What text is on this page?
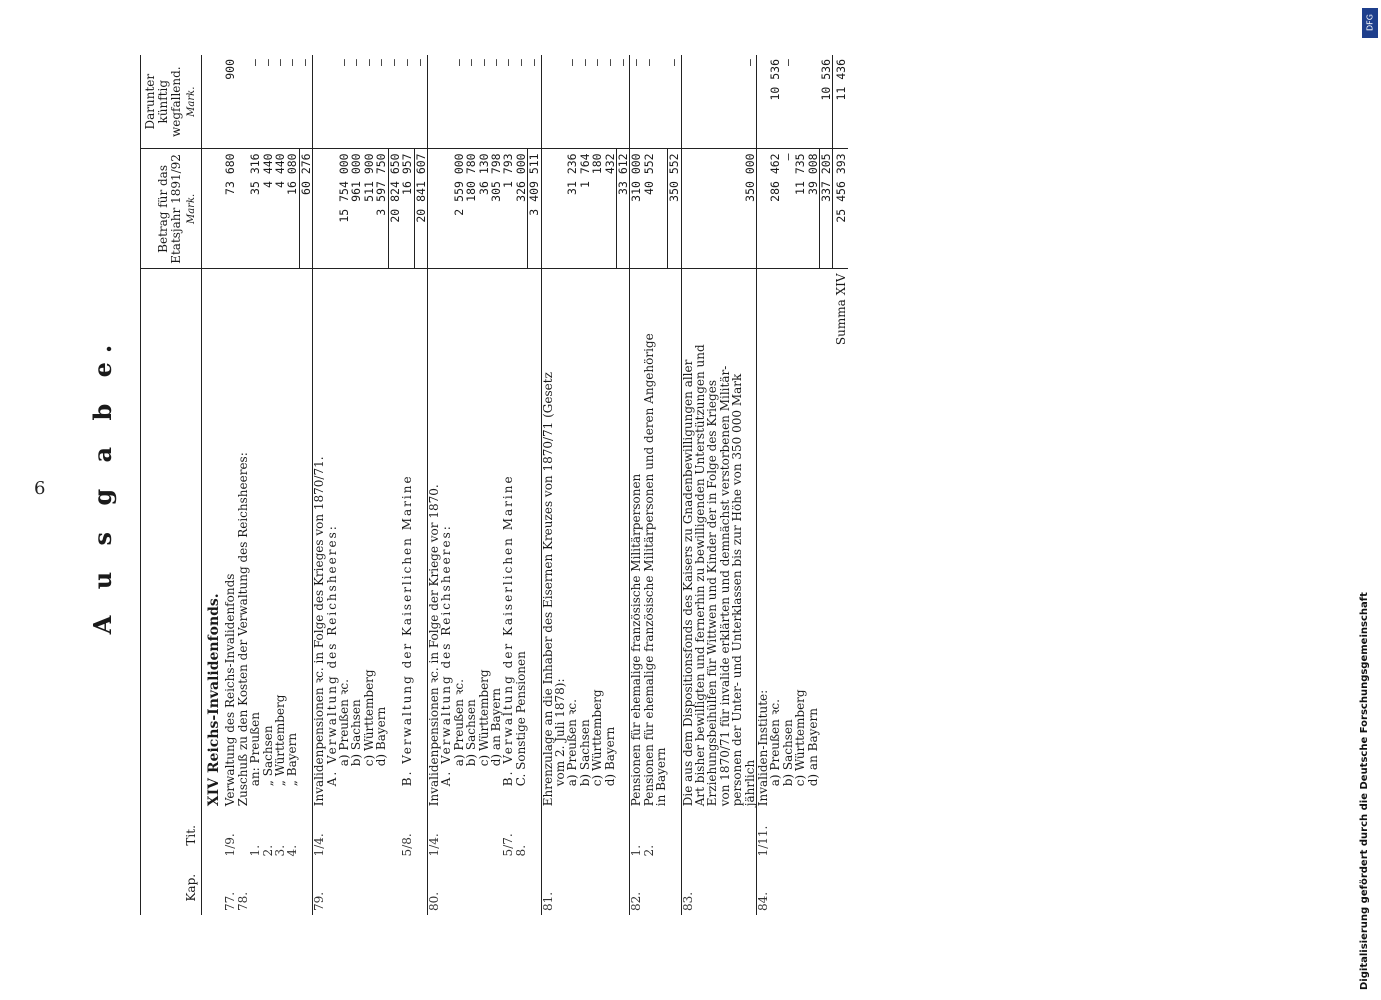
6
DFG
Digitalisierung gefördert durch die Deutsche Forschungsgemeinschaft
A u s g a b e.
Kap.	Tit.		Betrag für das Etatsjahr 1891/92 Mark.	Darunter künftig wegfallend. Mark.

		XIV Reichs-Invalidenfonds.		
77.	1/9.	Verwaltung des Reichs-Invalidenfonds	73 680	900
78.		Zuschuß zu den Kosten der Verwaltung des Reichsheeres:		
	1.	an: Preußen	35 316	—
	2.	„ Sachsen	4 440	—
	3.	„ Württemberg	4 440	—
	4.	„ Bayern	16 080	—
			60 276	—
79.	1/4.	Invalidenpensionen ꝛc. in Folge des Krieges von 1870/71.		
		A. Verwaltung des Reichsheeres:		
		a) Preußen ꝛc.	15 754 000	—
		b) Sachsen	961 000	—
		c) Württemberg	511 900	—
		d) Bayern	3 597 750	—
			20 824 650	—
	5/8.	B. Verwaltung der Kaiserlichen Marine	16 957	—
			20 841 607	—
80.	1/4.	Invalidenpensionen ꝛc. in Folge der Kriege vor 1870.		
		A. Verwaltung des Reichsheeres:		
		a) Preußen ꝛc.	2 559 000	—
		b) Sachsen	180 780	—
		c) Württemberg	36 130	—
		d) an Bayern	305 798	—
	5/7.	B. Verwaltung der Kaiserlichen Marine	1 793	—
	8.	C. Sonstige Pensionen	326 000	—
			3 409 511	—
81.		Ehrenzulage an die Inhaber des Eisernen Kreuzes von 1870/71 (Gesetz		
		vom 2. Juli 1878):		
		a) Preußen ꝛc.	31 236	—
		b) Sachsen	1 764	—
		c) Württemberg	180	—
		d) Bayern	432	—
			33 612	—
82.	1.	Pensionen für ehemalige französische Militärpersonen	310 000	—
	2.	Pensionen für ehemalige französische Militärpersonen und deren Angehörige	40 552	—
		in Bayern		
			350 552	—
83.		Die aus dem Dispositionsfonds des Kaisers zu Gnadenbewilligungen aller		
		Art bisher bewilligten und fernerhin zu bewilligenden Unterstützungen und		
		Erziehungsbeihülfen für Wittwen und Kinder der in Folge des Krieges		
		von 1870/71 für invalide erklärten und demnächst verstorbenen Militär-		
		personen der Unter- und Unterklassen bis zur Höhe von 350 000 Mark		
		jährlich	350 000	—
84.	1/11.	Invaliden-Institute:		
		a) Preußen ꝛc.	286 462	10 536
		b) Sachsen	—	—
		c) Württemberg	11 735	
		d) an Bayern	39 008	
			337 205	10 536
		Summa XIV	25 456 393	11 436
